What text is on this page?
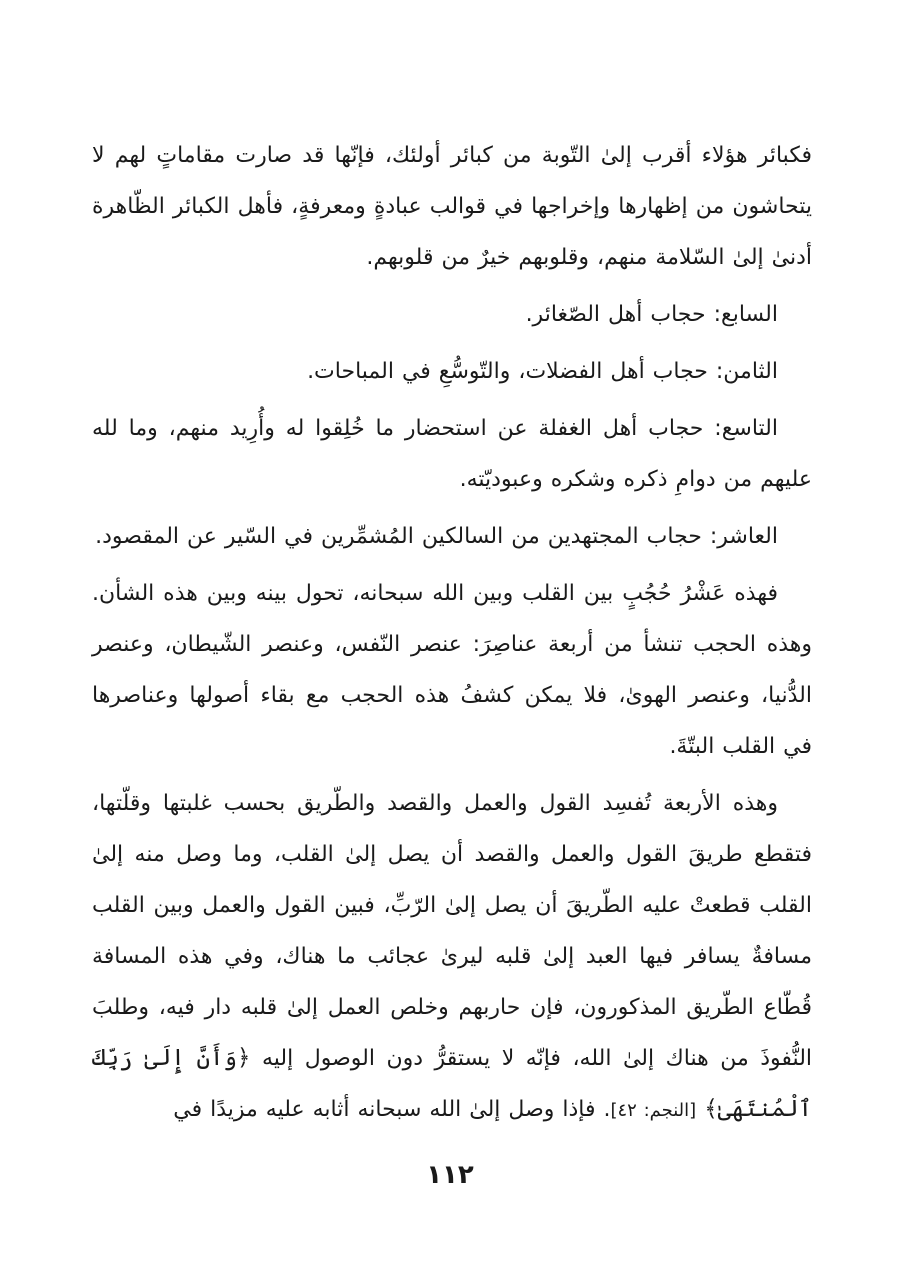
فكبائر هؤلاء أقرب إلىٰ التّوبة من كبائر أولئك، فإنّها قد صارت مقاماتٍ لهم لا يتحاشون من إظهارها وإخراجها في قوالب عبادةٍ ومعرفةٍ، فأهل الكبائر الظّاهرة أدنىٰ إلىٰ السّلامة منهم، وقلوبهم خيرٌ من قلوبهم.

السابع: حجاب أهل الصّغائر.

الثامن: حجاب أهل الفضلات، والتّوسُّعِ في المباحات.

التاسع: حجاب أهل الغفلة عن استحضار ما خُلِقوا له وأُرِيد منهم، وما لله عليهم من دوامِ ذكره وشكره وعبوديّته.

العاشر: حجاب المجتهدين من السالكين المُشمِّرين في السّير عن المقصود.

فهذه عَشْرُ حُجُبٍ بين القلب وبين الله سبحانه، تحول بينه وبين هذه الشأن. وهذه الحجب تنشأ من أربعة عناصِرَ: عنصر النّفس، وعنصر الشّيطان، وعنصر الدُّنيا، وعنصر الهوىٰ، فلا يمكن كشفُ هذه الحجب مع بقاء أصولها وعناصرها في القلب البتّةَ.

وهذه الأربعة تُفسِد القول والعمل والقصد والطّريق بحسب غلبتها وقلّتها، فتقطع طريقَ القول والعمل والقصد أن يصل إلىٰ القلب، وما وصل منه إلىٰ القلب قطعتْ عليه الطّريقَ أن يصل إلىٰ الرّبِّ، فبين القول والعمل وبين القلب مسافةٌ يسافر فيها العبد إلىٰ قلبه ليرىٰ عجائب ما هناك، وفي هذه المسافة قُطّاع الطّريق المذكورون، فإن حاربهم وخلص العمل إلىٰ قلبه دار فيه، وطلبَ النُّفوذَ من هناك إلىٰ الله، فإنّه لا يستقرُّ دون الوصول إليه ﴿وَأَنَّ إِلَىٰ رَبِّكَ ٱلْمُنتَهَىٰ﴾ [النجم: ٤٢]. فإذا وصل إلىٰ الله سبحانه أثابه عليه مزيدًا في

١١٢
